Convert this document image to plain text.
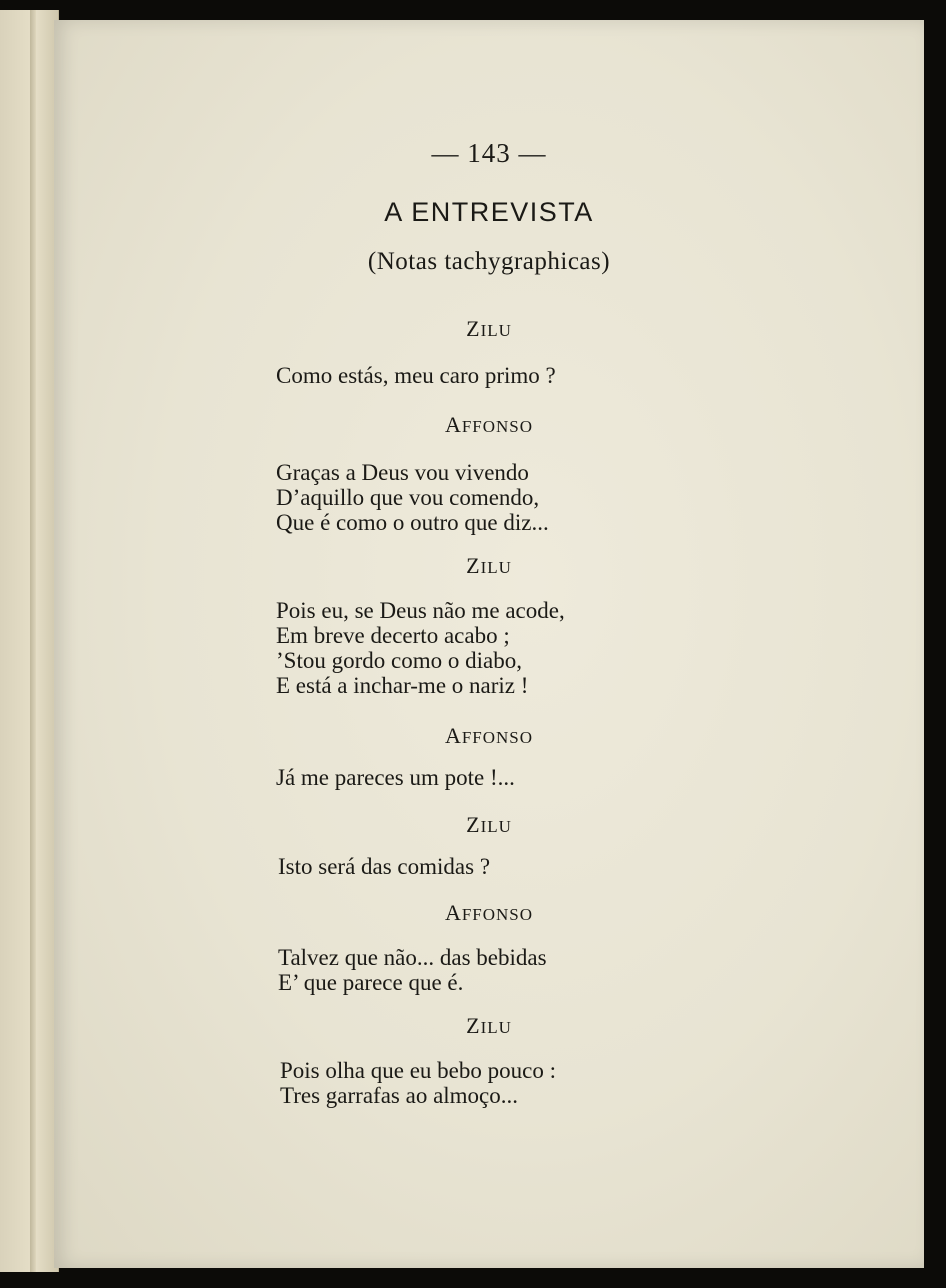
— 143 —
A ENTREVISTA
(Notas tachygraphicas)
ZILU
Como estás, meu caro primo ?
AFFONSO
Graças a Deus vou vivendo
D’aquillo que vou comendo,
Que é como o outro que diz...
ZILU
Pois eu, se Deus não me acode,
Em breve decerto acabo ;
’Stou gordo como o diabo,
E está a inchar-me o nariz !
AFFONSO
Já me pareces um pote !...
ZILU
Isto será das comidas ?
AFFONSO
Talvez que não... das bebidas
E’ que parece que é.
ZILU
Pois olha que eu bebo pouco :
Tres garrafas ao almoço...
